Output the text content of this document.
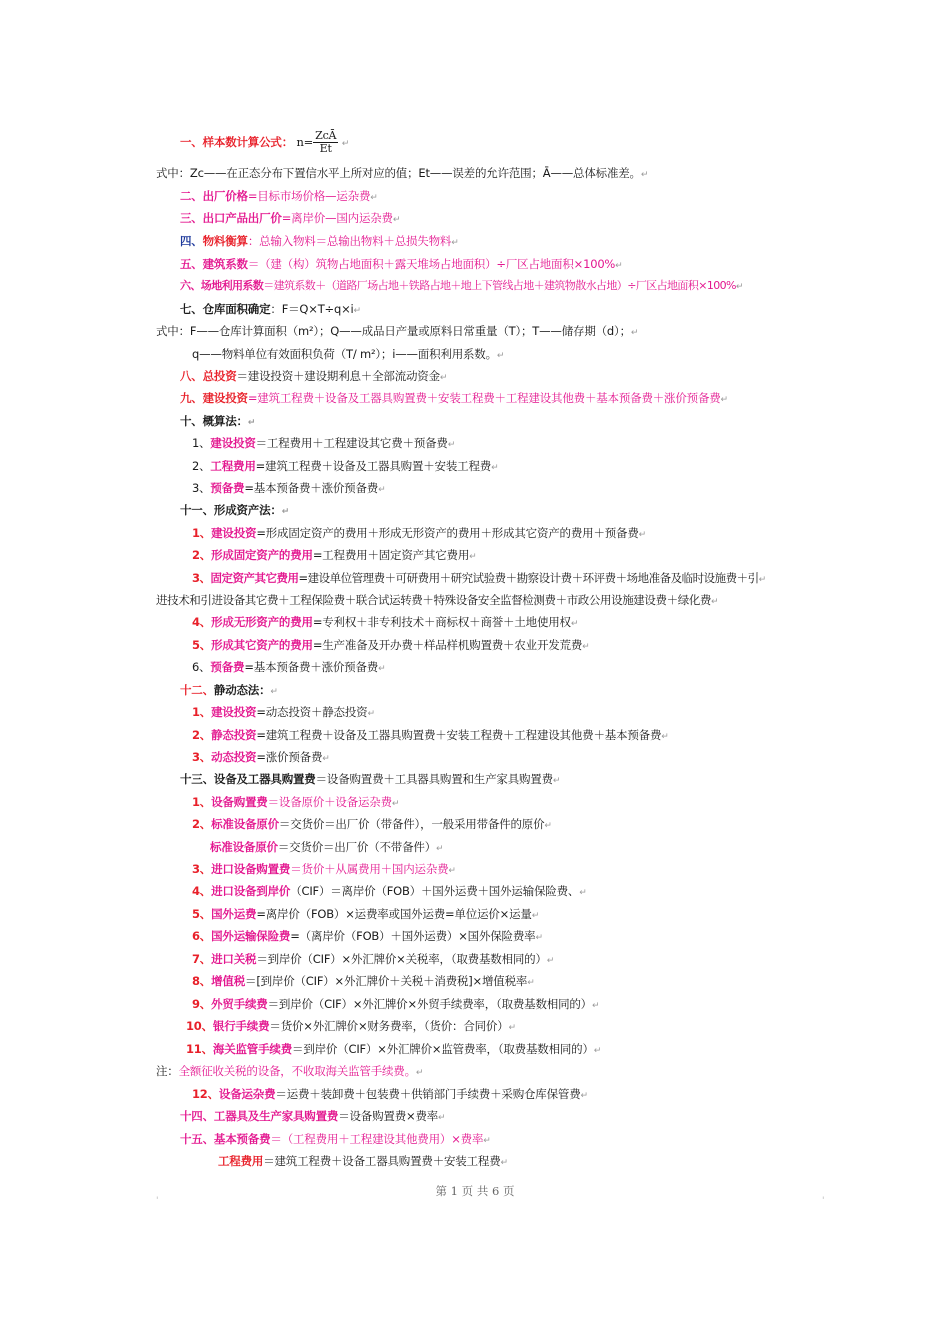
一、样本数计算公式： $n= \frac{\text{ZcĀ}}{Et}$ ↵
式中：Zc——在正态分布下置信水平上所对应的值；Et——误差的允许范围；Ā——总体标准差。↵
二、出厂价格=目标市场价格—运杂费↵
三、出口产品出厂价=离岸价—国内运杂费↵
四、物料衡算：总输入物料＝总输出物料＋总损失物料↵
五、建筑系数＝（建（构）筑物占地面积＋露天堆场占地面积）÷厂区占地面积×100%↵
六、场地利用系数＝建筑系数＋（道路厂场占地＋铁路占地＋地上下管线占地＋建筑物散水占地）÷厂区占地面积×100%↵
七、仓库面积确定：F＝Q×T÷q×i↵
式中：F——仓库计算面积（m²）；Q——成品日产量或原料日常重量（T）；T——储存期（d）；↵
q——物料单位有效面积负荷（T/ m²）；i——面积利用系数。↵
八、总投资＝建设投资＋建设期利息＋全部流动资金↵
九、建设投资=建筑工程费＋设备及工器具购置费＋安装工程费＋工程建设其他费＋基本预备费＋涨价预备费↵
十、概算法：↵
1、建设投资＝工程费用＋工程建设其它费＋预备费↵
2、工程费用=建筑工程费＋设备及工器具购置＋安装工程费↵
3、预备费=基本预备费＋涨价预备费↵
十一、形成资产法：↵
1、建设投资=形成固定资产的费用＋形成无形资产的费用＋形成其它资产的费用＋预备费↵
2、形成固定资产的费用=工程费用＋固定资产其它费用↵
3、固定资产其它费用=建设单位管理费＋可研费用＋研究试验费＋勘察设计费＋环评费＋场地准备及临时设施费＋引↵
进技术和引进设备其它费＋工程保险费＋联合试运转费＋特殊设备安全监督检测费＋市政公用设施建设费＋绿化费↵
4、形成无形资产的费用=专利权＋非专利技术＋商标权＋商誉＋土地使用权↵
5、形成其它资产的费用=生产准备及开办费＋样品样机购置费＋农业开发荒费↵
6、预备费=基本预备费＋涨价预备费↵
十二、静动态法：↵
1、建设投资=动态投资＋静态投资↵
2、静态投资=建筑工程费＋设备及工器具购置费＋安装工程费＋工程建设其他费＋基本预备费↵
3、动态投资=涨价预备费↵
十三、设备及工器具购置费＝设备购置费＋工具器具购置和生产家具购置费↵
1、设备购置费＝设备原价＋设备运杂费↵
2、标准设备原价＝交货价＝出厂价（带备件），一般采用带备件的原价↵
标准设备原价＝交货价＝出厂价（不带备件）↵
3、进口设备购置费＝货价＋从属费用＋国内运杂费↵
4、进口设备到岸价（CIF）＝离岸价（FOB）＋国外运费＋国外运输保险费、↵
5、国外运费=离岸价（FOB）×运费率或国外运费=单位运价×运量↵
6、国外运输保险费=（离岸价（FOB）＋国外运费）×国外保险费率↵
7、进口关税＝到岸价（CIF）×外汇牌价×关税率，（取费基数相同的）↵
8、增值税＝[到岸价（CIF）×外汇牌价＋关税＋消费税]×增值税率↵
9、外贸手续费＝到岸价（CIF）×外汇牌价×外贸手续费率，（取费基数相同的）↵
10、银行手续费＝货价×外汇牌价×财务费率，（货价：合同价）↵
11、海关监管手续费＝到岸价（CIF）×外汇牌价×监管费率，（取费基数相同的）↵
注：全额征收关税的设备，不收取海关监管手续费。↵
12、设备运杂费＝运费＋装卸费＋包装费＋供销部门手续费＋采购仓库保管费↵
十四、工器具及生产家具购置费＝设备购置费×费率↵
十五、基本预备费＝（工程费用＋工程建设其他费用）×费率↵
工程费用＝建筑工程费＋设备工器具购置费＋安装工程费↵
第 1 页 共 6 页
'	'
